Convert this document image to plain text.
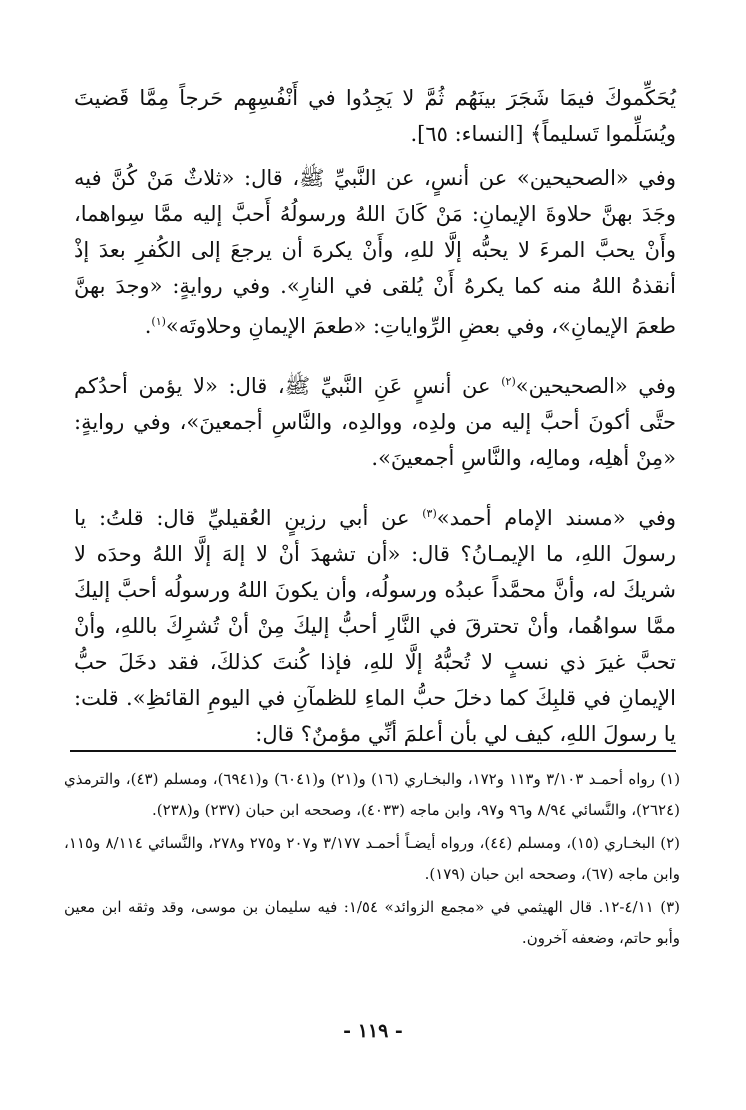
يُحَكِّموكَ فيمَا شَجَرَ بينَهُم ثُمَّ لا يَجِدُوا في أَنْفُسِهِم حَرجاً مِمَّا قَضيتَ ويُسَلِّموا تَسليماً﴾ [النساء: ٦٥].

وفي «الصحيحين» عن أنسٍ، عن النَّبيِّ ﷺ، قال: «ثلاثٌ مَنْ كُنَّ فيه وجَدَ بهنَّ حلاوةَ الإيمانِ: مَنْ كَانَ اللهُ ورسولُهُ أَحبَّ إليه ممَّا سِواهما، وأَنْ يحبَّ المرءَ لا يحبُّه إلَّا للهِ، وأَنْ يكرهَ أن يرجعَ إلى الكُفرِ بعدَ إذْ أنقذهُ اللهُ منه كما يكرهُ أَنْ يُلقى في النارِ». وفي روايةٍ: «وجدَ بهنَّ طعمَ الإيمانِ»، وفي بعضِ الرِّواياتِ: «طعمَ الإيمانِ وحلاوتَه»$^{(١)}$.

وفي «الصحيحين»$^{(٢)}$ عن أنسٍ عَنِ النَّبيِّ ﷺ، قال: «لا يؤمن أحدُكم حتَّى أكونَ أحبَّ إليه من ولدِه، ووالدِه، والنَّاسِ أجمعينَ»، وفي روايةٍ: «مِنْ أهلِه، ومالِه، والنَّاسِ أجمعينَ».

وفي «مسند الإمام أحمد»$^{(٣)}$ عن أبي رزينٍ العُقيليِّ قال: قلتُ: يا رسولَ اللهِ، ما الإيمـانُ؟ قال: «أن تشهدَ أنْ لا إلهَ إلَّا اللهُ وحدَه لا شريكَ له، وأنَّ محمَّداً عبدُه ورسولُه، وأن يكونَ اللهُ ورسولُه أحبَّ إليكَ ممَّا سواهُما، وأنْ تحترقَ في النَّارِ أحبُّ إليكَ مِنْ أنْ تُشرِكَ باللهِ، وأنْ تحبَّ غيرَ ذي نسبٍ لا تُحبُّهُ إلَّا للهِ، فإذا كُنتَ كذلكَ، فقد دخَلَ حبُّ الإيمانِ في قلبِكَ كما دخلَ حبُّ الماءِ للظمآنِ في اليومِ القائظِ». قلت: يا رسولَ اللهِ، كيف لي بأن أعلمَ أنِّي مؤمنٌ؟ قال:

(١) رواه أحمـد ٣/١٠٣ و١١٣ و١٧٢، والبخـاري (١٦) و(٢١) و(٦٠٤١) و(٦٩٤١)، ومسلم (٤٣)، والترمذي (٢٦٢٤)، والنَّسائي ٨/٩٤ و٩٦ و٩٧، وابن ماجه (٤٠٣٣)، وصححه ابن حبان (٢٣٧) و(٢٣٨).

(٢) البخـاري (١٥)، ومسلم (٤٤)، ورواه أيضـاً أحمـد ٣/١٧٧ و٢٠٧ و٢٧٥ و٢٧٨، والنَّسائي ٨/١١٤ و١١٥، وابن ماجه (٦٧)، وصححه ابن حبان (١٧٩).

(٣) ٤/١١-١٢. قال الهيثمي في «مجمع الزوائد» ١/٥٤: فيه سليمان بن موسى، وقد وثقه ابن معين وأبو حاتم، وضعفه آخرون.

- ١١٩ -
